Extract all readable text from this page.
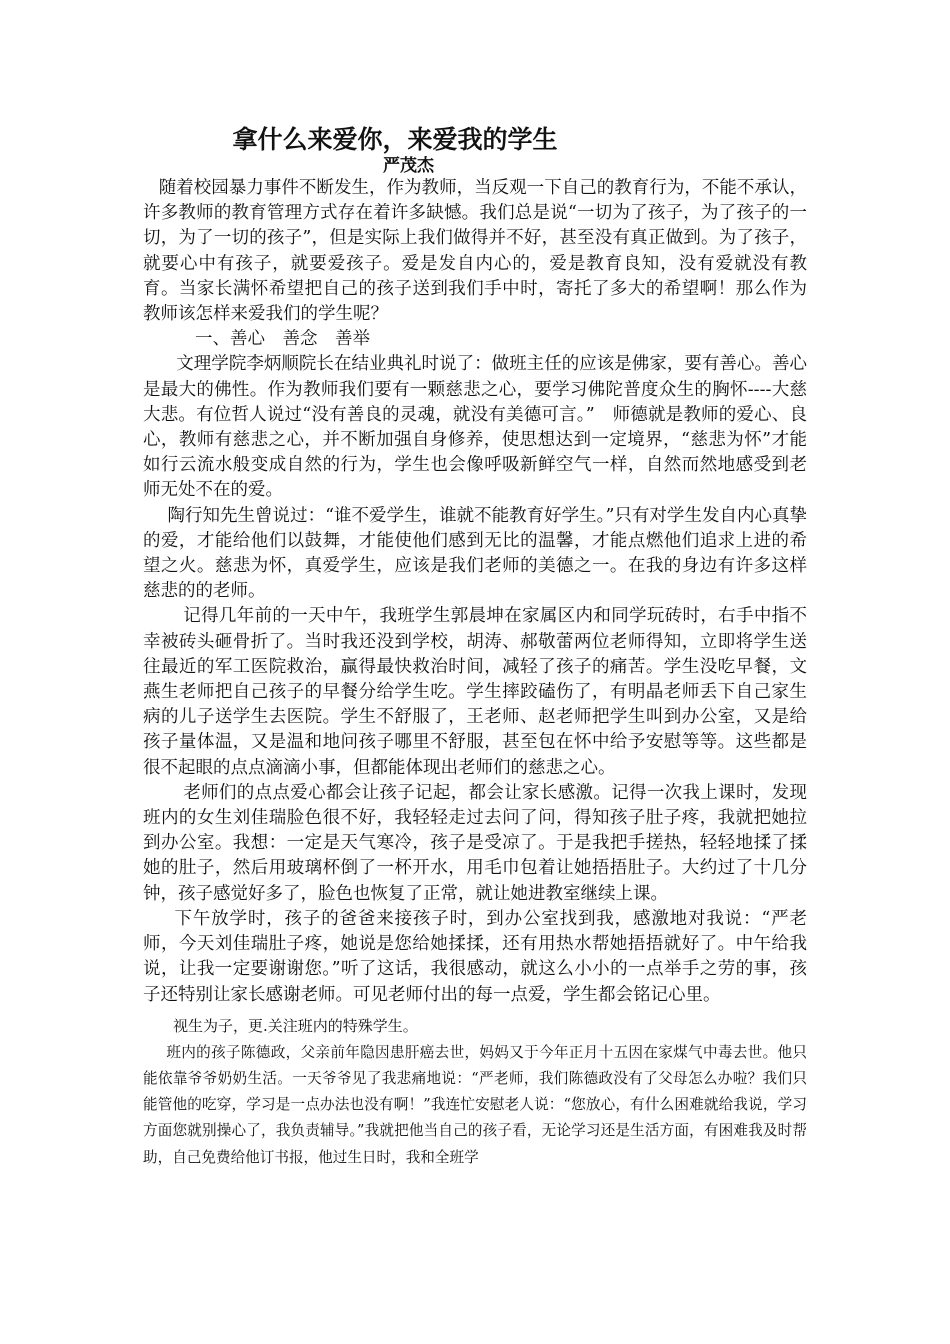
拿什么来爱你，来爱我的学生
严茂杰

随着校园暴力事件不断发生，作为教师，当反观一下自己的教育行为，不能不承认，许多教师的教育管理方式存在着许多缺憾。我们总是说“一切为了孩子，为了孩子的一切，为了一切的孩子”，但是实际上我们做得并不好，甚至没有真正做到。为了孩子，就要心中有孩子，就要爱孩子。爱是发自内心的，爱是教育良知，没有爱就没有教育。当家长满怀希望把自己的孩子送到我们手中时，寄托了多大的希望啊！那么作为教师该怎样来爱我们的学生呢？

一、善心　善念　善举

文理学院李炳顺院长在结业典礼时说了：做班主任的应该是佛家，要有善心。善心是最大的佛性。作为教师我们要有一颗慈悲之心，要学习佛陀普度众生的胸怀----大慈大悲。有位哲人说过“没有善良的灵魂，就没有美德可言。”　师德就是教师的爱心、良心，教师有慈悲之心，并不断加强自身修养，使思想达到一定境界，“慈悲为怀”才能如行云流水般变成自然的行为，学生也会像呼吸新鲜空气一样，自然而然地感受到老师无处不在的爱。

陶行知先生曾说过：“谁不爱学生，谁就不能教育好学生。”只有对学生发自内心真挚的爱，才能给他们以鼓舞，才能使他们感到无比的温馨，才能点燃他们追求上进的希望之火。慈悲为怀，真爱学生，应该是我们老师的美德之一。在我的身边有许多这样慈悲的的老师。

记得几年前的一天中午，我班学生郭晨坤在家属区内和同学玩砖时，右手中指不幸被砖头砸骨折了。当时我还没到学校，胡涛、郝敬蕾两位老师得知，立即将学生送往最近的军工医院救治，赢得最快救治时间，减轻了孩子的痛苦。学生没吃早餐，文燕生老师把自己孩子的早餐分给学生吃。学生摔跤磕伤了，有明晶老师丢下自己家生病的儿子送学生去医院。学生不舒服了，王老师、赵老师把学生叫到办公室，又是给孩子量体温，又是温和地问孩子哪里不舒服，甚至包在怀中给予安慰等等。这些都是很不起眼的点点滴滴小事，但都能体现出老师们的慈悲之心。

老师们的点点爱心都会让孩子记起，都会让家长感激。记得一次我上课时，发现班内的女生刘佳瑞脸色很不好，我轻轻走过去问了问，得知孩子肚子疼，我就把她拉到办公室。我想：一定是天气寒冷，孩子是受凉了。于是我把手搓热，轻轻地揉了揉她的肚子，然后用玻璃杯倒了一杯开水，用毛巾包着让她捂捂肚子。大约过了十几分钟，孩子感觉好多了，脸色也恢复了正常，就让她进教室继续上课。

下午放学时，孩子的爸爸来接孩子时，到办公室找到我，感激地对我说：“严老师，今天刘佳瑞肚子疼，她说是您给她揉揉，还有用热水帮她捂捂就好了。中午给我说，让我一定要谢谢您。”听了这话，我很感动，就这么小小的一点举手之劳的事，孩子还特别让家长感谢老师。可见老师付出的每一点爱，学生都会铭记心里。

视生为子，更.关注班内的特殊学生。

班内的孩子陈德政，父亲前年隐因患肝癌去世，妈妈又于今年正月十五因在家煤气中毒去世。他只能依靠爷爷奶奶生活。一天爷爷见了我悲痛地说：“严老师，我们陈德政没有了父母怎么办啦？我们只能管他的吃穿，学习是一点办法也没有啊！”我连忙安慰老人说：“您放心，有什么困难就给我说，学习方面您就别操心了，我负责辅导。”我就把他当自己的孩子看，无论学习还是生活方面，有困难我及时帮助，自己免费给他订书报，他过生日时，我和全班学
